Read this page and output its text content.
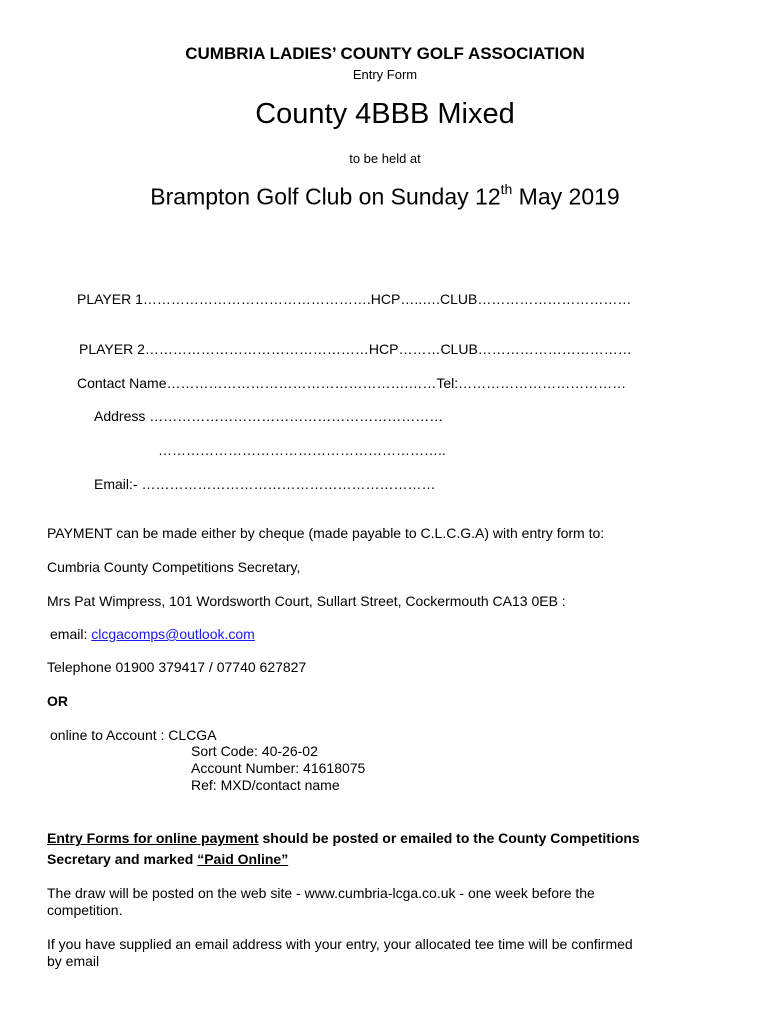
CUMBRIA LADIES’ COUNTY GOLF ASSOCIATION
Entry Form
County 4BBB Mixed
to be held at
Brampton Golf Club on Sunday 12th May 2019
PLAYER 1………………………………………….HCP…..….CLUB……………………………
PLAYER 2…………………………………………HCP………CLUB……………………………
Contact Name…………………………………………….……Tel:………………………………
Address ………………………………………………………
……………………………………………………..
Email:- ………………………………………………………
PAYMENT can be made either by cheque (made payable to C.L.C.G.A) with entry form to:
Cumbria County Competitions Secretary,
Mrs Pat Wimpress, 101 Wordsworth Court, Sullart Street, Cockermouth CA13 0EB :
email: clcgacomps@outlook.com
Telephone 01900 379417 / 07740 627827
OR
online to Account : CLCGA
Sort Code: 40-26-02
Account Number: 41618075
Ref: MXD/contact name
Entry Forms for online payment should be posted or emailed to the County Competitions
Secretary and marked “Paid Online”
The draw will be posted on the web site - www.cumbria-lcga.co.uk - one week before the
competition.
If you have supplied an email address with your entry, your allocated tee time will be confirmed
by email
